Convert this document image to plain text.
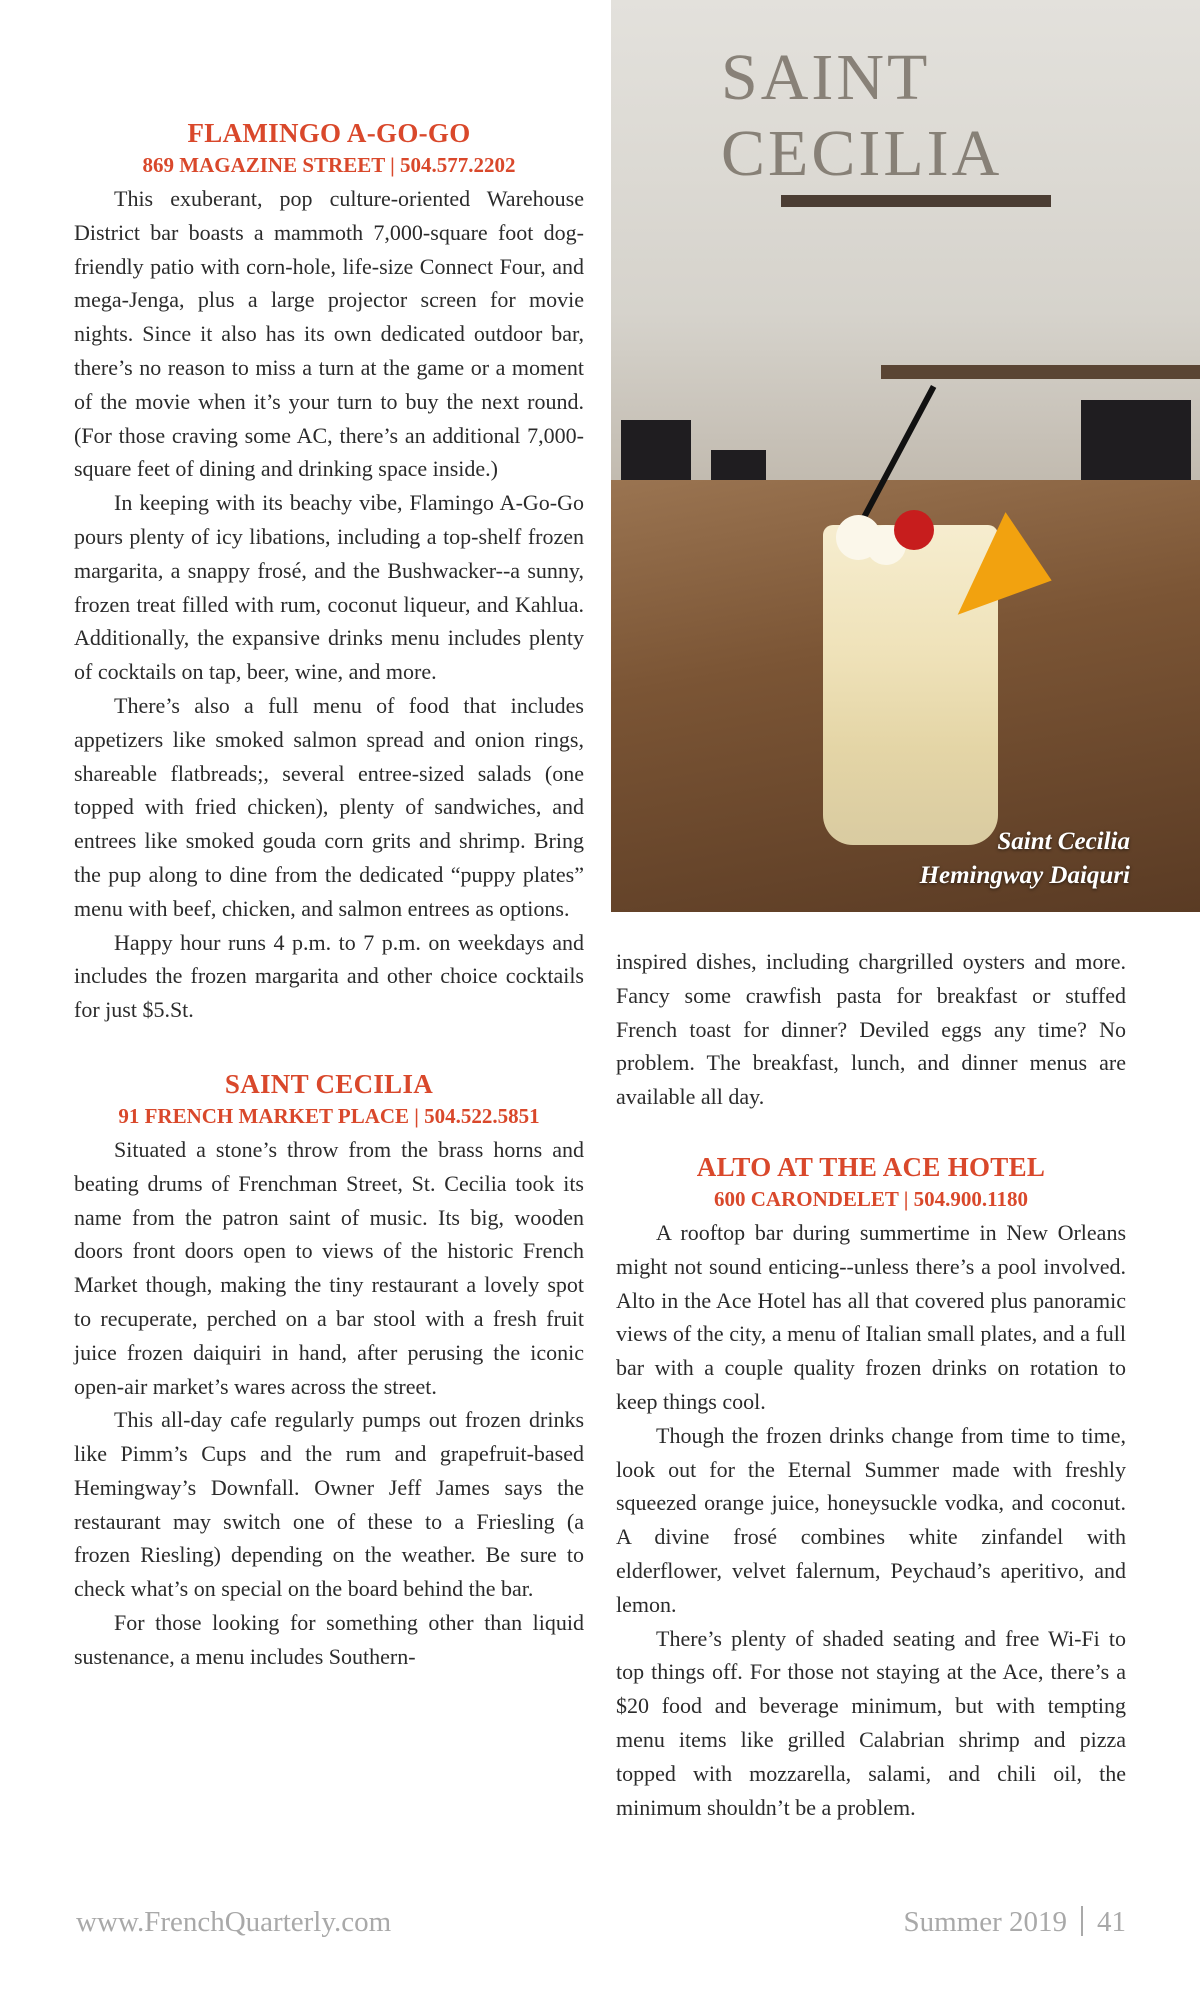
FLAMINGO A-GO-GO
869 MAGAZINE STREET | 504.577.2202

This exuberant, pop culture-oriented Warehouse District bar boasts a mammoth 7,000-square foot dog-friendly patio with corn-hole, life-size Connect Four, and mega-Jenga, plus a large projector screen for movie nights. Since it also has its own dedicated outdoor bar, there’s no reason to miss a turn at the game or a moment of the movie when it’s your turn to buy the next round. (For those craving some AC, there’s an additional 7,000-square feet of dining and drinking space inside.)

In keeping with its beachy vibe, Flamingo A-Go-Go pours plenty of icy libations, including a top-shelf frozen margarita, a snappy frosé, and the Bushwacker--a sunny, frozen treat filled with rum, coconut liqueur, and Kahlua. Additionally, the expansive drinks menu includes plenty of cocktails on tap, beer, wine, and more.

There’s also a full menu of food that includes appetizers like smoked salmon spread and onion rings, shareable flatbreads;, several entree-sized salads (one topped with fried chicken), plenty of sandwiches, and entrees like smoked gouda corn grits and shrimp. Bring the pup along to dine from the dedicated “puppy plates” menu with beef, chicken, and salmon entrees as options.

Happy hour runs 4 p.m. to 7 p.m. on weekdays and includes the frozen margarita and other choice cocktails for just $5.St.

SAINT CECILIA
91 FRENCH MARKET PLACE | 504.522.5851

Situated a stone’s throw from the brass horns and beating drums of Frenchman Street, St. Cecilia took its name from the patron saint of music. Its big, wooden doors front doors open to views of the historic French Market though, making the tiny restaurant a lovely spot to recuperate, perched on a bar stool with a fresh fruit juice frozen daiquiri in hand, after perusing the iconic open-air market’s wares across the street.

This all-day cafe regularly pumps out frozen drinks like Pimm’s Cups and the rum and grapefruit-based Hemingway’s Downfall. Owner Jeff James says the restaurant may switch one of these to a Friesling (a frozen Riesling) depending on the weather. Be sure to check what’s on special on the board behind the bar.

For those looking for something other than liquid sustenance, a menu includes Southern-

SAINT CECILIA
Saint Cecilia
Hemingway Daiquri

inspired dishes, including chargrilled oysters and more. Fancy some crawfish pasta for breakfast or stuffed French toast for dinner? Deviled eggs any time? No problem. The breakfast, lunch, and dinner menus are available all day.

ALTO AT THE ACE HOTEL
600 CARONDELET | 504.900.1180

A rooftop bar during summertime in New Orleans might not sound enticing--unless there’s a pool involved. Alto in the Ace Hotel has all that covered plus panoramic views of the city, a menu of Italian small plates, and a full bar with a couple quality frozen drinks on rotation to keep things cool.

Though the frozen drinks change from time to time, look out for the Eternal Summer made with freshly squeezed orange juice, honeysuckle vodka, and coconut. A divine frosé combines white zinfandel with elderflower, velvet falernum, Peychaud’s aperitivo, and lemon.

There’s plenty of shaded seating and free Wi-Fi to top things off. For those not staying at the Ace, there’s a $20 food and beverage minimum, but with tempting menu items like grilled Calabrian shrimp and pizza topped with mozzarella, salami, and chili oil, the minimum shouldn’t be a problem.

www.FrenchQuarterly.com	Summer 2019 41
